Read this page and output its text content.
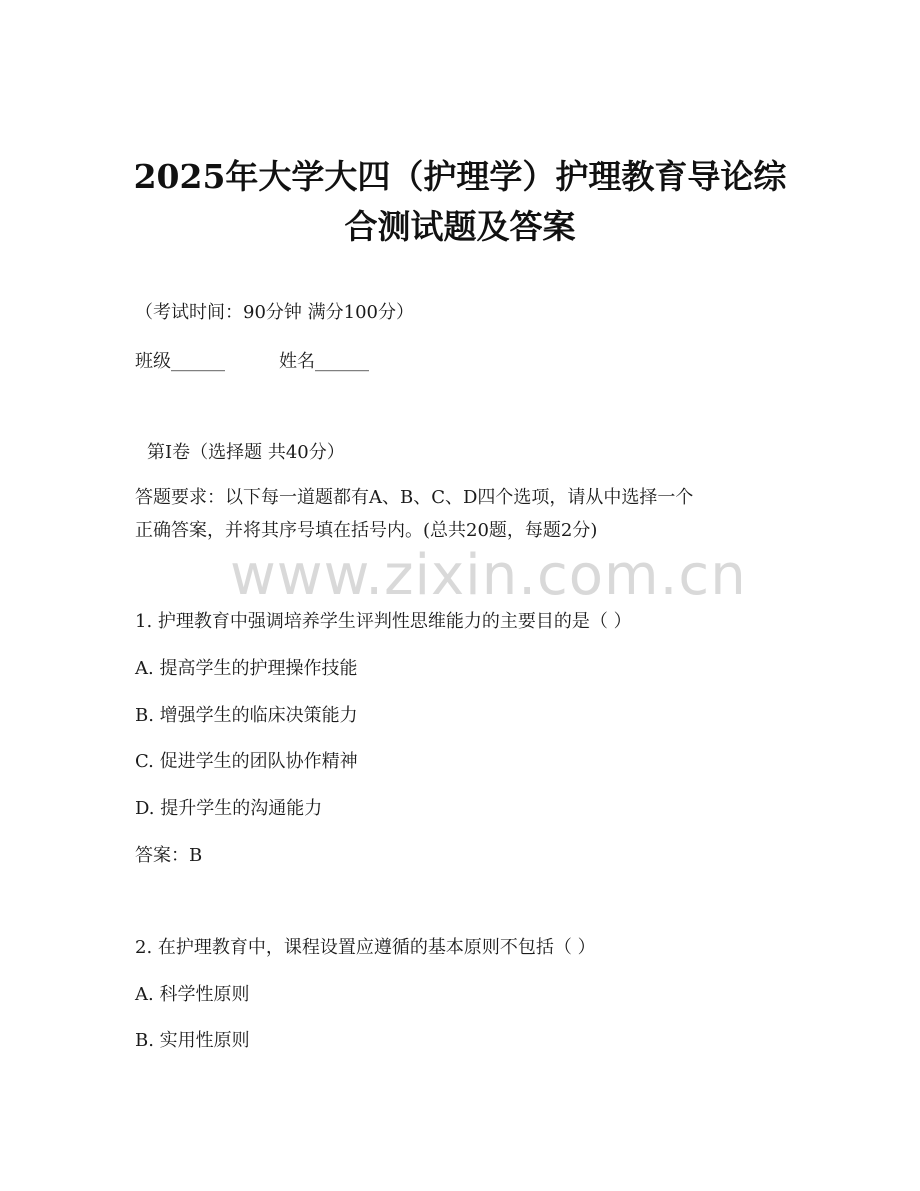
2025年大学大四（护理学）护理教育导论综
合测试题及答案
（考试时间：90分钟 满分100分）
班级______	姓名______
第Ⅰ卷（选择题 共40分）
答题要求：以下每一道题都有A、B、C、D四个选项，请从中选择一个
正确答案，并将其序号填在括号内。(总共20题，每题2分)
www.zixin.com.cn
1. 护理教育中强调培养学生评判性思维能力的主要目的是（ ）
A. 提高学生的护理操作技能
B. 增强学生的临床决策能力
C. 促进学生的团队协作精神
D. 提升学生的沟通能力
答案：B
2. 在护理教育中，课程设置应遵循的基本原则不包括（ ）
A. 科学性原则
B. 实用性原则
